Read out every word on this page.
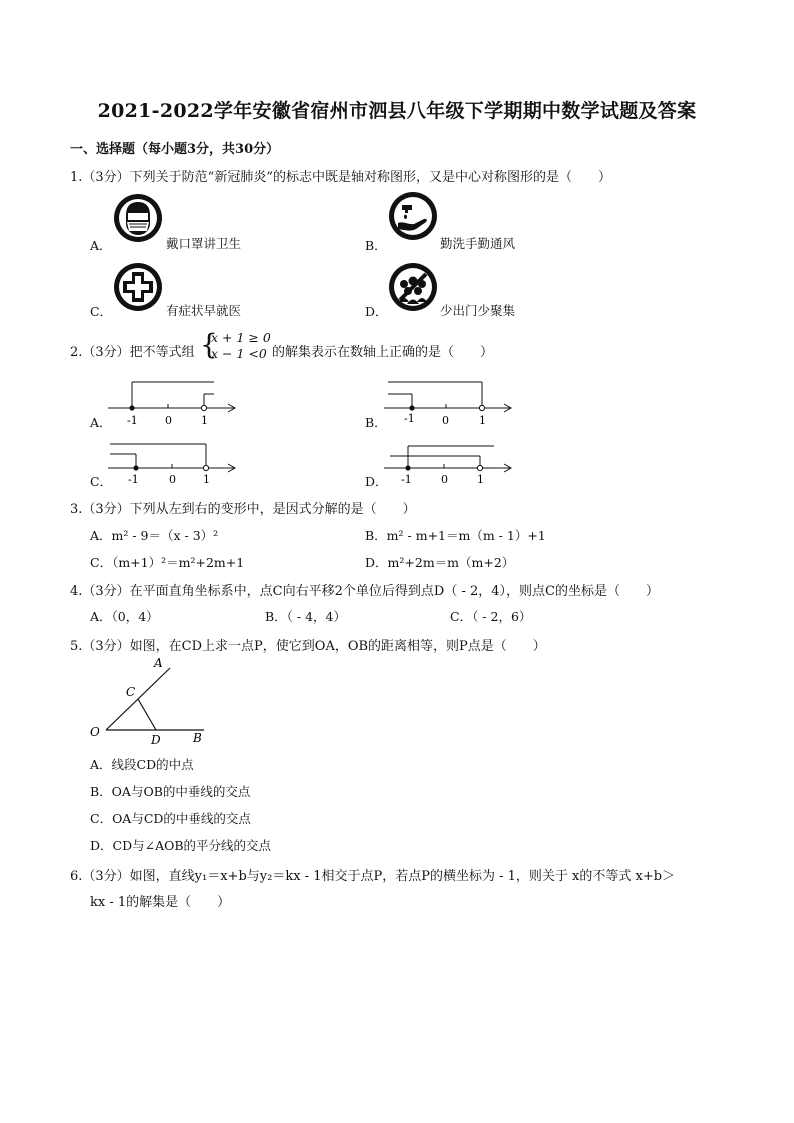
2021-2022学年安徽省宿州市泗县八年级下学期期中数学试题及答案
一、选择题（每小题3分，共30分）
1.（3分）下列关于防范“新冠肺炎”的标志中既是轴对称图形，又是中心对称图形的是（　　）
A．	戴口罩讲卫生	B．	勤洗手勤通风
C．	有症状早就医	D．	少出门少聚集
2.（3分）把不等式组 {
x + 1 ≥ 0
x − 1 <0 的解集表示在数轴上正确的是（　　）
A． -1 0	1	B． -1 0	1
C． -1	0 1	D． -1	0	1
3.（3分）下列从左到右的变形中，是因式分解的是（　　）
A．m² - 9＝（x - 3）²	B．m² - m+1＝m（m - 1）+1
C．（m+1）²＝m²+2m+1	D．m²+2m＝m（m+2）
4.（3分）在平面直角坐标系中，点C向右平移2个单位后得到点D（ - 2，4），则点C的坐标是（　　）
A．（0，4）	B．（ - 4，4）	C．（ - 2，6）
5.（3分）如图，在CD上求一点P，使它到OA，OB的距离相等，则P点是（　　）
A
C
O
D	B
A．线段CD的中点
B．OA与OB的中垂线的交点
C．OA与CD的中垂线的交点
D．CD与∠AOB的平分线的交点
6.（3分）如图，直线y₁＝x+b与y₂＝kx - 1相交于点P，若点P的横坐标为 - 1，则关于 x的不等式 x+b＞
kx - 1的解集是（　　）
